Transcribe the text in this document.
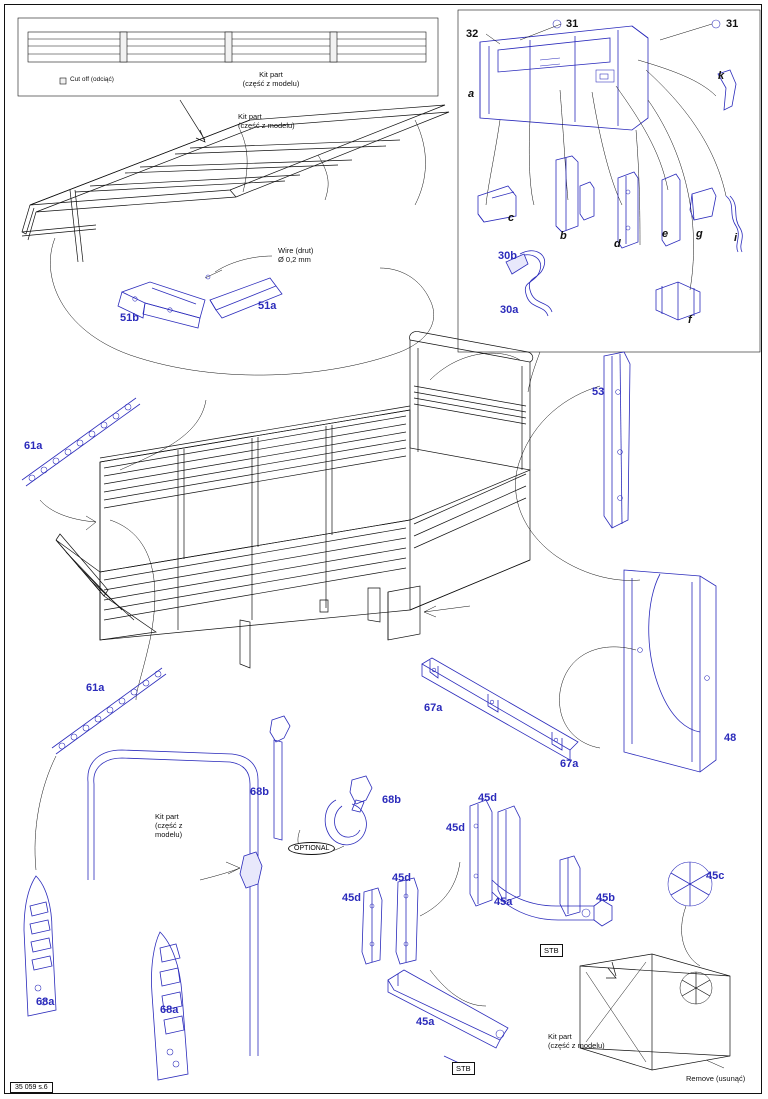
Cut off (odciąć)
Kit part
(część z modelu)
Kit part
(część z modelu)
Wire (drut)
Ø 0,2 mm
51b
51a
32
31	31
a
b
c
d
e
f
g	i
k
30b
30a
61a
61a
53
48
67a
67a
68b
68b
68a
68a
Kit part
(część z
modelu)
OPTIONAL
45d
45d
45d
45d
45a	45b
45c
45a
STB
STB
Kit part
(część z modelu)
Remove (usunąć)
35 059 s.6
